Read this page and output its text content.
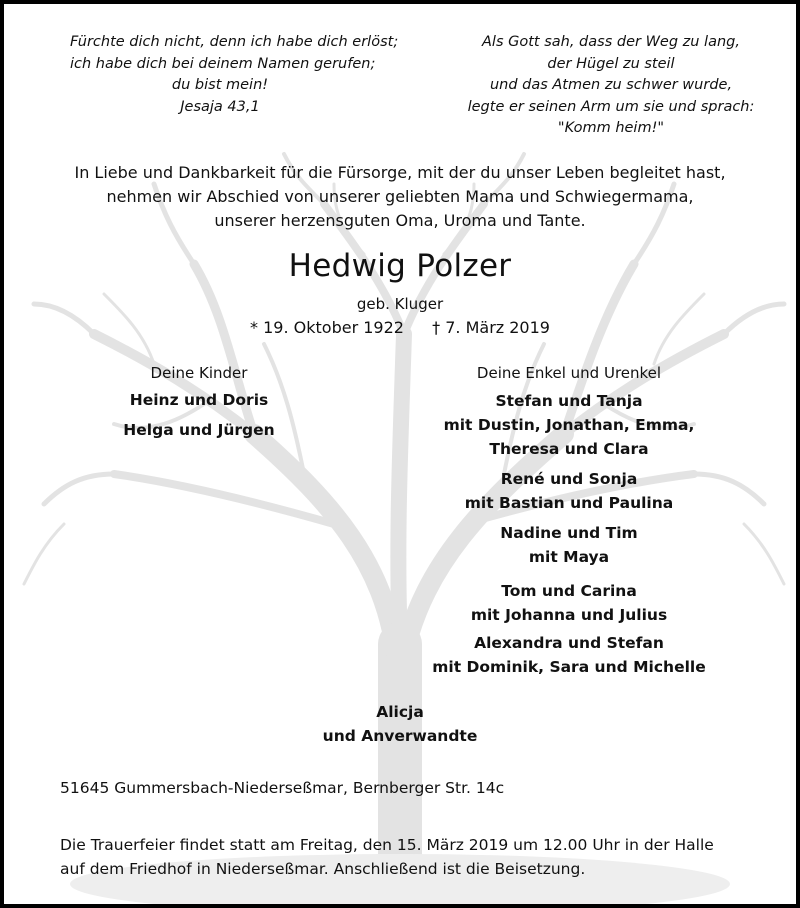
Fürchte dich nicht, denn ich habe dich erlöst;
ich habe dich bei deinem Namen gerufen;
du bist mein!
Jesaja 43,1
Als Gott sah, dass der Weg zu lang,
der Hügel zu steil
und das Atmen zu schwer wurde,
legte er seinen Arm um sie und sprach:
"Komm heim!"
In Liebe und Dankbarkeit für die Fürsorge, mit der du unser Leben begleitet hast,
nehmen wir Abschied von unserer geliebten Mama und Schwiegermama,
unserer herzensguten Oma, Uroma und Tante.
Hedwig Polzer
geb. Kluger
* 19. Oktober 1922 † 7. März 2019
Deine Kinder
Heinz und Doris
Helga und Jürgen
Deine Enkel und Urenkel
Stefan und Tanja
mit Dustin, Jonathan, Emma,
Theresa und Clara
René und Sonja
mit Bastian und Paulina
Nadine und Tim
mit Maya
Tom und Carina
mit Johanna und Julius
Alexandra und Stefan
mit Dominik, Sara und Michelle
Alicja
und Anverwandte
51645 Gummersbach-Niederseßmar, Bernberger Str. 14c
Die Trauerfeier findet statt am Freitag, den 15. März 2019 um 12.00 Uhr in der Halle
auf dem Friedhof in Niederseßmar. Anschließend ist die Beisetzung.
